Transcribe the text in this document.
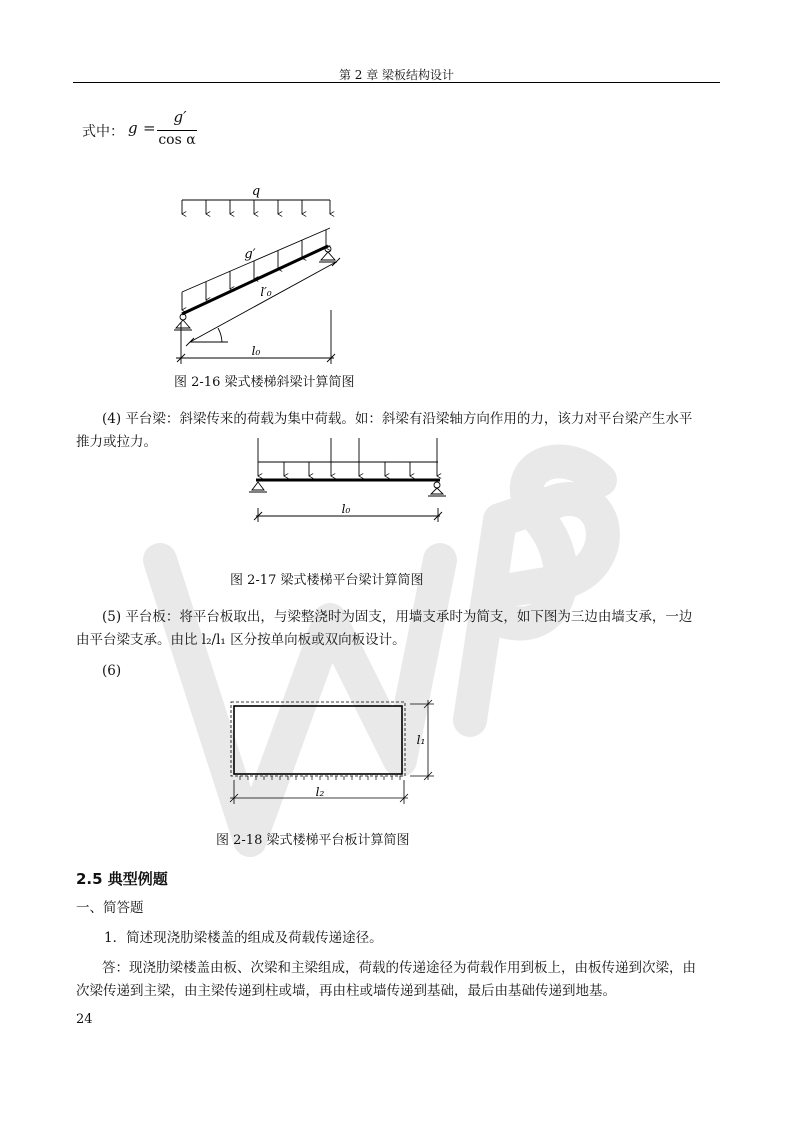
第 2 章 梁板结构设计
式中： g =
g′
cos α
q
g′
l′₀
l₀
图 2-16 梁式楼梯斜梁计算简图
(4) 平台梁：斜梁传来的荷载为集中荷载。如：斜梁有沿梁轴方向作用的力，该力对平台梁产生水平
推力或拉力。
l₀
图 2-17 梁式楼梯平台梁计算简图
(5) 平台板：将平台板取出，与梁整浇时为固支，用墙支承时为简支，如下图为三边由墙支承，一边
由平台梁支承。由比 l₂/l₁ 区分按单向板或双向板设计。
(6)
l₁
l₂
图 2-18 梁式楼梯平台板计算简图
2.5 典型例题
一、简答题
1．简述现浇肋梁楼盖的组成及荷载传递途径。
答：现浇肋梁楼盖由板、次梁和主梁组成，荷载的传递途径为荷载作用到板上，由板传递到次梁，由
次梁传递到主梁，由主梁传递到柱或墙，再由柱或墙传递到基础，最后由基础传递到地基。
24
